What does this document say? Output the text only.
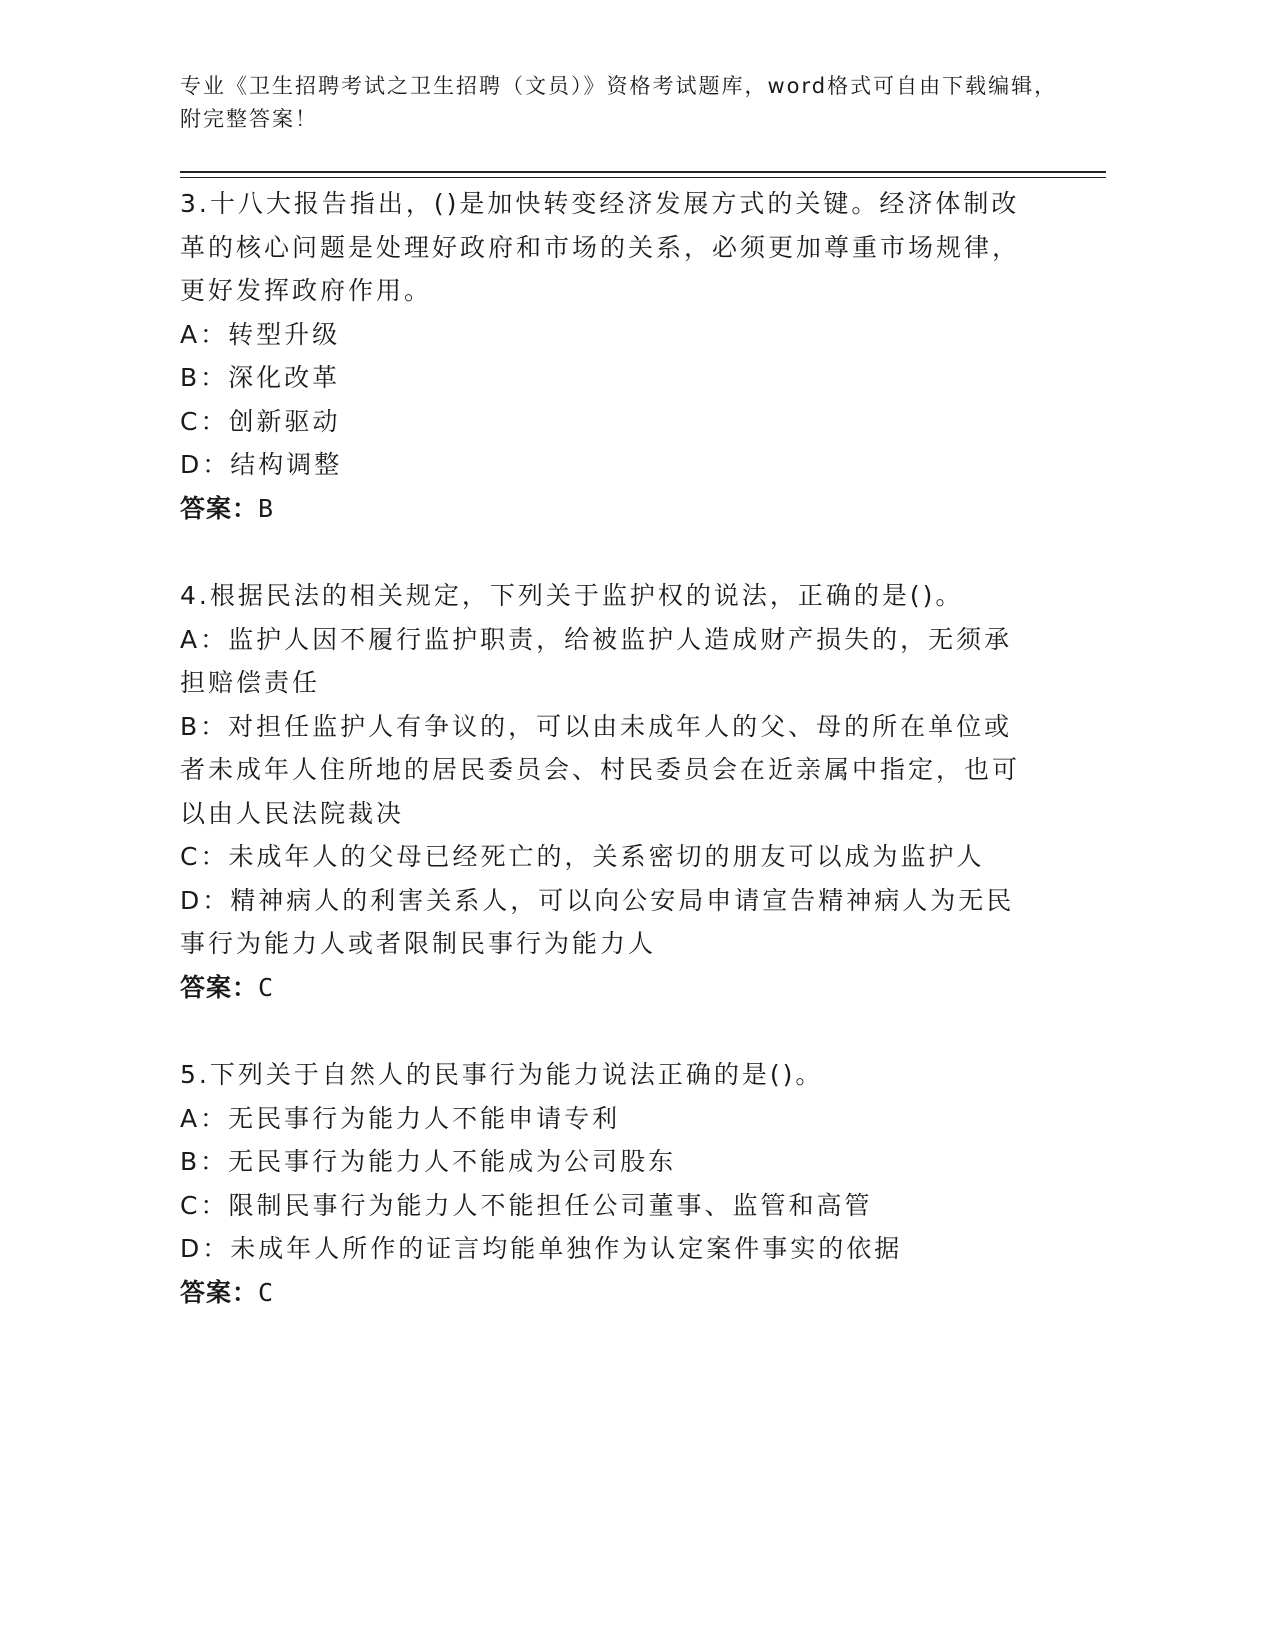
专业《卫生招聘考试之卫生招聘（文员）》资格考试题库，word格式可自由下载编辑，附完整答案！
3.十八大报告指出，()是加快转变经济发展方式的关键。经济体制改革的核心问题是处理好政府和市场的关系，必须更加尊重市场规律，更好发挥政府作用。
A：转型升级
B：深化改革
C：创新驱动
D：结构调整
答案：B
4.根据民法的相关规定，下列关于监护权的说法，正确的是()。
A：监护人因不履行监护职责，给被监护人造成财产损失的，无须承担赔偿责任
B：对担任监护人有争议的，可以由未成年人的父、母的所在单位或者未成年人住所地的居民委员会、村民委员会在近亲属中指定，也可以由人民法院裁决
C：未成年人的父母已经死亡的，关系密切的朋友可以成为监护人
D：精神病人的利害关系人，可以向公安局申请宣告精神病人为无民事行为能力人或者限制民事行为能力人
答案：C
5.下列关于自然人的民事行为能力说法正确的是()。
A：无民事行为能力人不能申请专利
B：无民事行为能力人不能成为公司股东
C：限制民事行为能力人不能担任公司董事、监管和高管
D：未成年人所作的证言均能单独作为认定案件事实的依据
答案：C
